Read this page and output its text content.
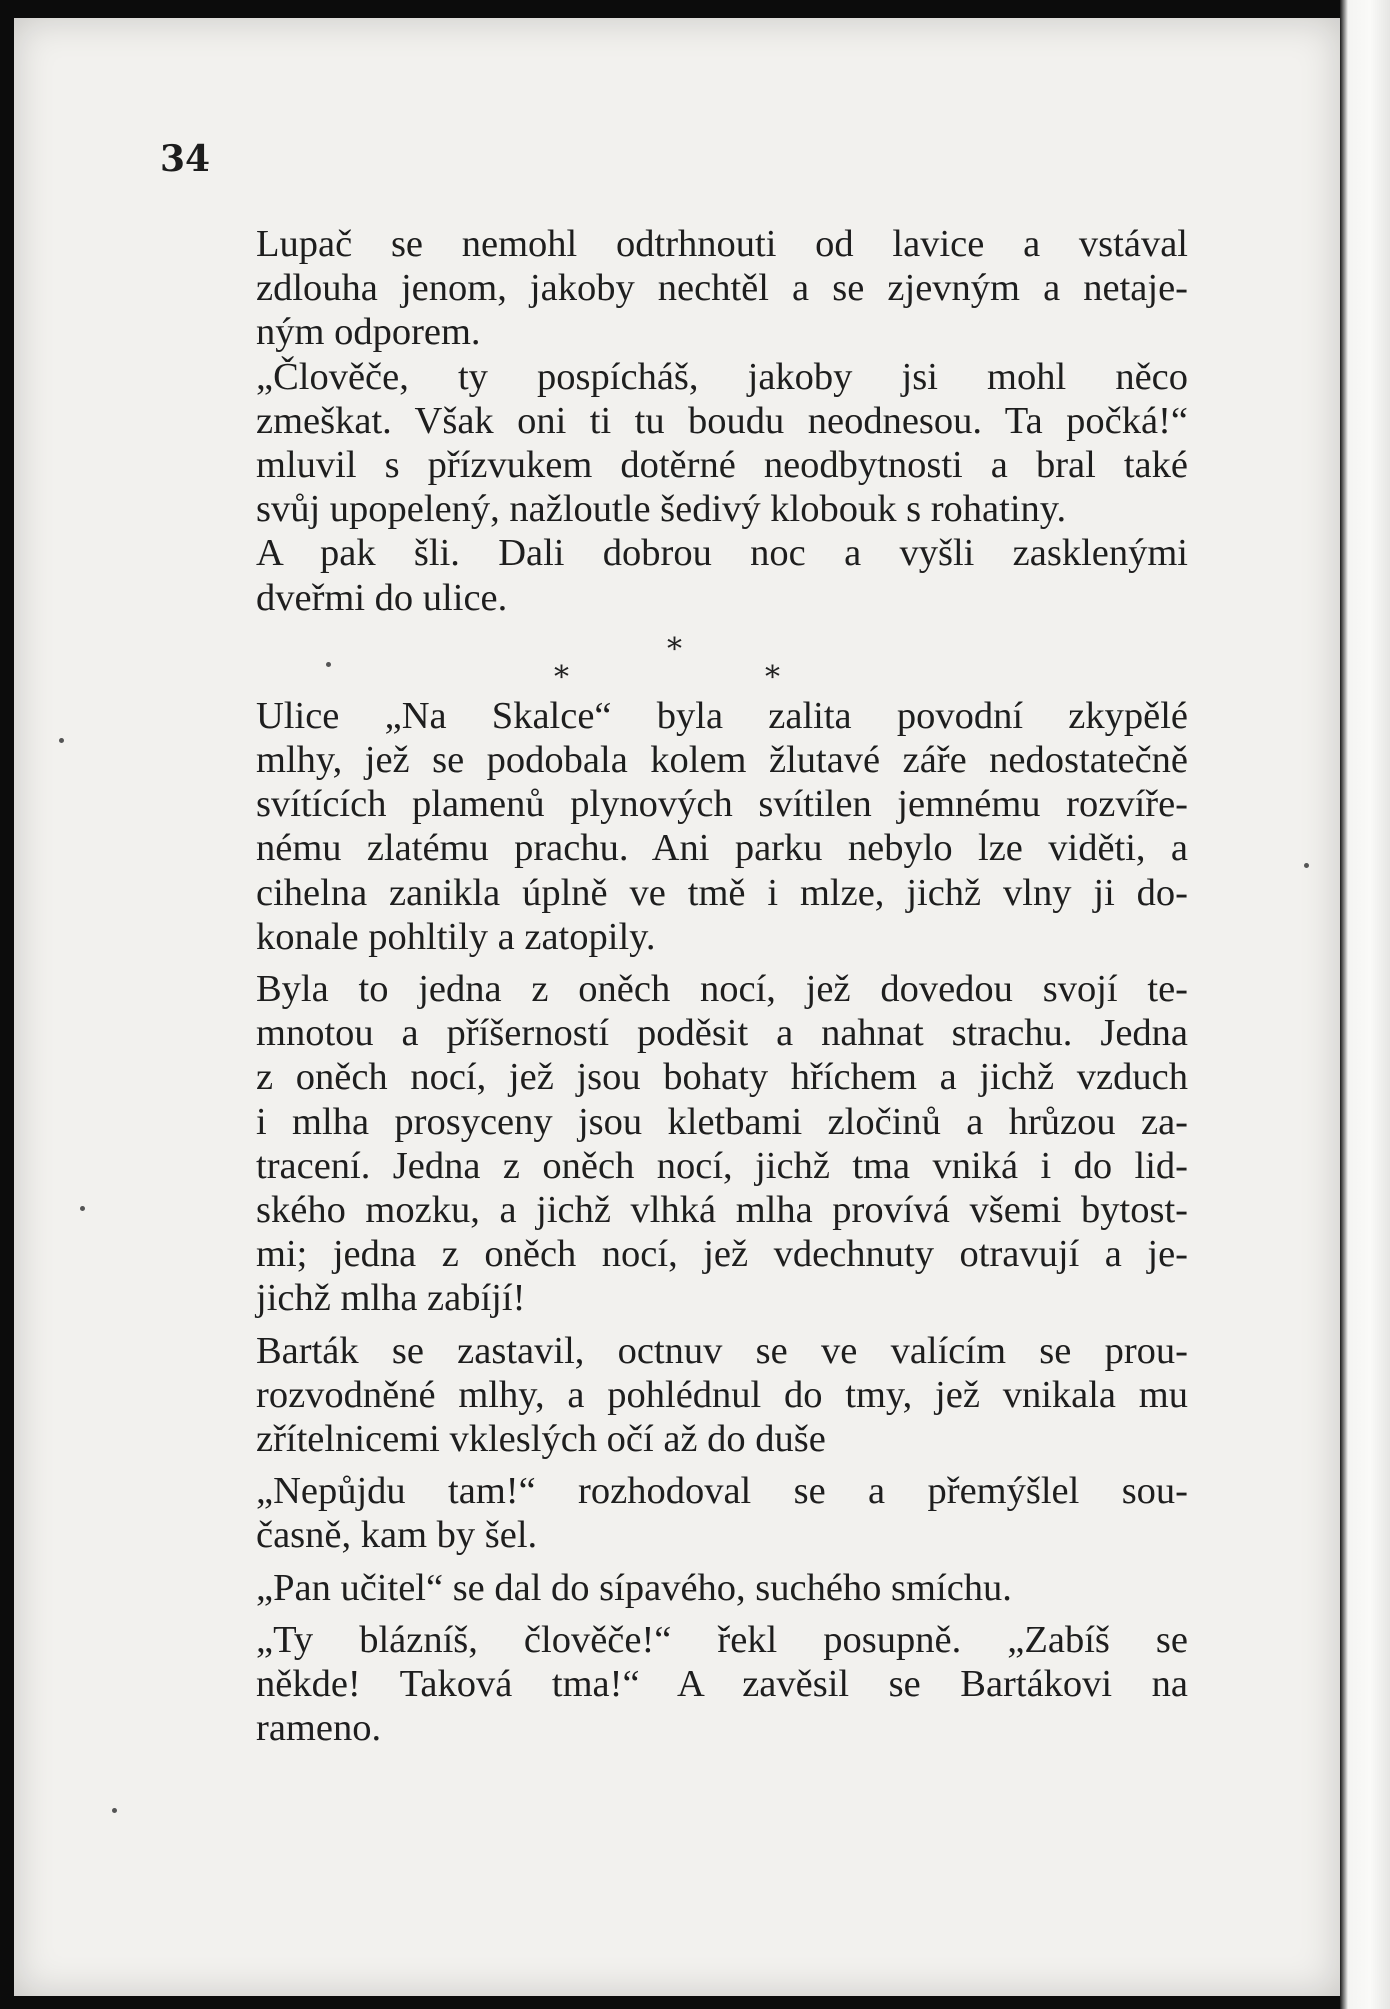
34
Lupač se nemohl odtrhnouti od lavice a vstával
zdlouha jenom, jakoby nechtěl a se zjevným a netaje-
ným odporem.
„Člověče, ty pospícháš, jakoby jsi mohl něco
zmeškat. Však oni ti tu boudu neodnesou. Ta počká!“
mluvil s přízvukem dotěrné neodbytnosti a bral také
svůj upopelený, nažloutle šedivý klobouk s rohatiny.
A pak šli. Dali dobrou noc a vyšli zasklenými
dveřmi do ulice.
*
*	*
Ulice „Na Skalce“ byla zalita povodní zkypělé
mlhy, jež se podobala kolem žlutavé záře nedostatečně
svítících plamenů plynových svítilen jemnému rozvíře-
nému zlatému prachu. Ani parku nebylo lze viděti, a
cihelna zanikla úplně ve tmě i mlze, jichž vlny ji do-
konale pohltily a zatopily.
Byla to jedna z oněch nocí, jež dovedou svojí te-
mnotou a příšerností poděsit a nahnat strachu. Jedna
z oněch nocí, jež jsou bohaty hříchem a jichž vzduch
i mlha prosyceny jsou kletbami zločinů a hrůzou za-
tracení. Jedna z oněch nocí, jichž tma vniká i do lid-
ského mozku, a jichž vlhká mlha provívá všemi bytost-
mi; jedna z oněch nocí, jež vdechnuty otravují a je-
jichž mlha zabíjí!
Barták se zastavil, octnuv se ve valícím se prou-
rozvodněné mlhy, a pohlédnul do tmy, jež vnikala mu
zřítelnicemi vkleslých očí až do duše
„Nepůjdu tam!“ rozhodoval se a přemýšlel sou-
časně, kam by šel.
„Pan učitel“ se dal do sípavého, suchého smíchu.
„Ty blázníš, člověče!“ řekl posupně. „Zabíš se
někde! Taková tma!“ A zavěsil se Bartákovi na
rameno.
